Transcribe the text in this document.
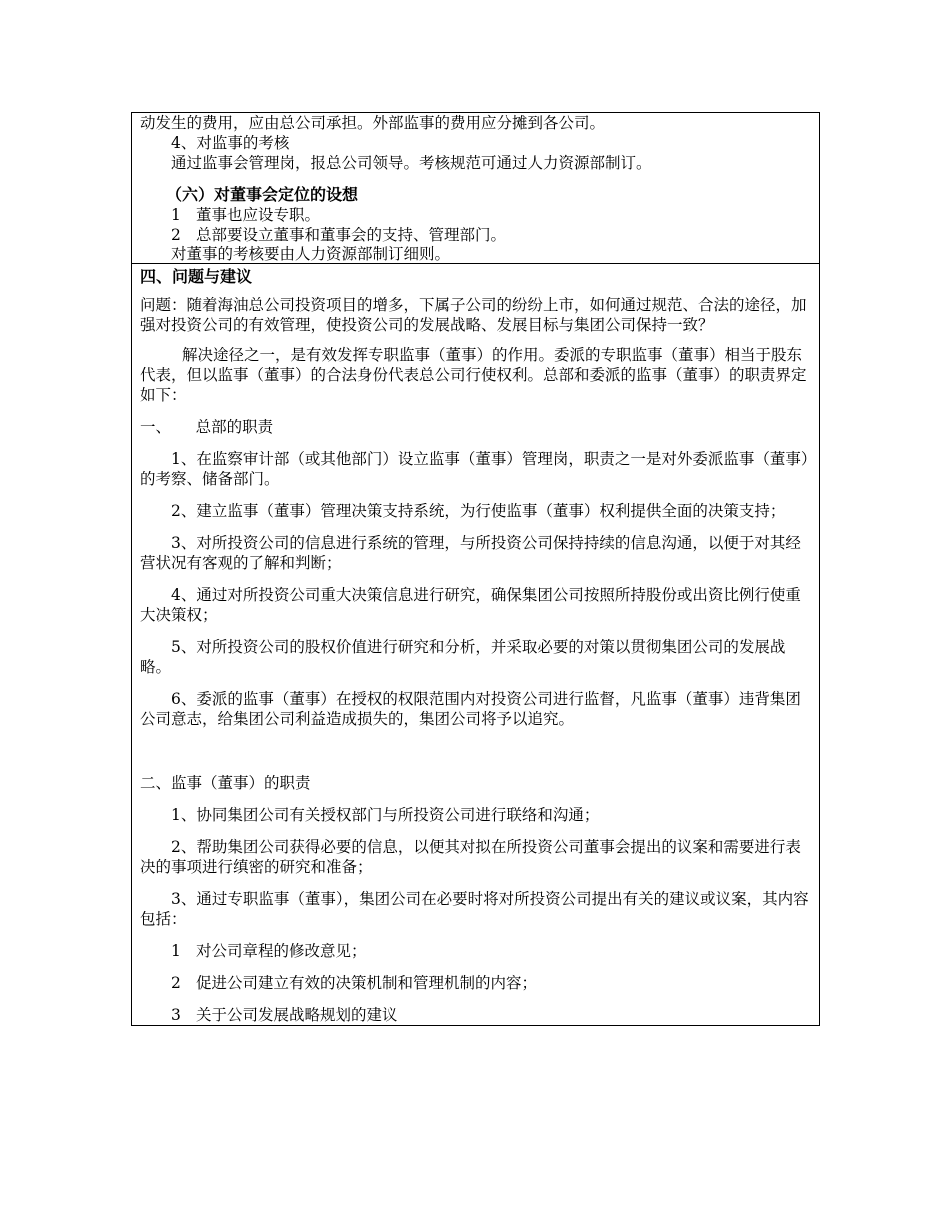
动发生的费用，应由总公司承担。外部监事的费用应分摊到各公司。
4、对监事的考核
通过监事会管理岗，报总公司领导。考核规范可通过人力资源部制订。
（六）对董事会定位的设想
1 董事也应设专职。
2 总部要设立董事和董事会的支持、管理部门。
对董事的考核要由人力资源部制订细则。
四、问题与建议

问题：随着海油总公司投资项目的增多，下属子公司的纷纷上市，如何通过规范、合法的途径，加强对投资公司的有效管理，使投资公司的发展战略、发展目标与集团公司保持一致？

解决途径之一，是有效发挥专职监事（董事）的作用。委派的专职监事（董事）相当于股东代表，但以监事（董事）的合法身份代表总公司行使权利。总部和委派的监事（董事）的职责界定如下：

一、     总部的职责

1、在监察审计部（或其他部门）设立监事（董事）管理岗，职责之一是对外委派监事（董事）的考察、储备部门。

2、建立监事（董事）管理决策支持系统，为行使监事（董事）权利提供全面的决策支持；

3、对所投资公司的信息进行系统的管理，与所投资公司保持持续的信息沟通，以便于对其经营状况有客观的了解和判断；

4、通过对所投资公司重大决策信息进行研究，确保集团公司按照所持股份或出资比例行使重大决策权；

5、对所投资公司的股权价值进行研究和分析，并采取必要的对策以贯彻集团公司的发展战略。

6、委派的监事（董事）在授权的权限范围内对投资公司进行监督，凡监事（董事）违背集团公司意志，给集团公司利益造成损失的，集团公司将予以追究。

二、监事（董事）的职责

1、协同集团公司有关授权部门与所投资公司进行联络和沟通；

2、帮助集团公司获得必要的信息，以便其对拟在所投资公司董事会提出的议案和需要进行表决的事项进行缜密的研究和准备；

3、通过专职监事（董事），集团公司在必要时将对所投资公司提出有关的建议或议案，其内容包括：

1 对公司章程的修改意见；
2 促进公司建立有效的决策机制和管理机制的内容；
3 关于公司发展战略规划的建议
